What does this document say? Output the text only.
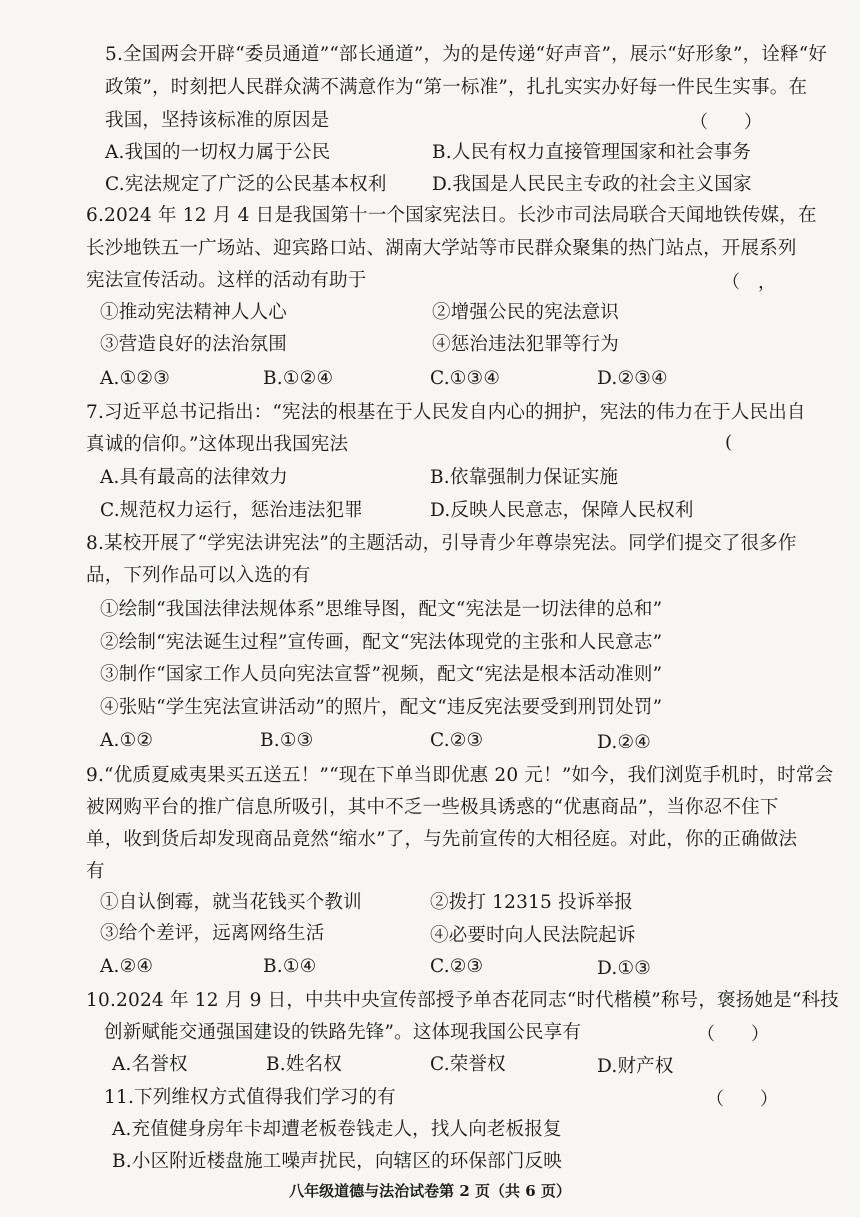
5.全国两会开辟“委员通道”“部长通道”，为的是传递“好声音”，展示“好形象”，诠释“好
政策”，时刻把人民群众满不满意作为“第一标准”，扎扎实实办好每一件民生实事。在
我国，坚持该标准的原因是	（　　）
A.我国的一切权力属于公民	B.人民有权力直接管理国家和社会事务
C.宪法规定了广泛的公民基本权利 D.我国是人民民主专政的社会主义国家
6.2024 年 12 月 4 日是我国第十一个国家宪法日。长沙市司法局联合天闻地铁传媒，在
长沙地铁五一广场站、迎宾路口站、湖南大学站等市民群众聚集的热门站点，开展系列
宪法宣传活动。这样的活动有助于	（　，
①推动宪法精神人人心	②增强公民的宪法意识
③营造良好的法治氛围	④惩治违法犯罪等行为
A.①②③	B.①②④	C.①③④	D.②③④
7.习近平总书记指出：“宪法的根基在于人民发自内心的拥护，宪法的伟力在于人民出自
真诚的信仰。”这体现出我国宪法	(
A.具有最高的法律效力	B.依靠强制力保证实施
C.规范权力运行，惩治违法犯罪	D.反映人民意志，保障人民权利
8.某校开展了“学宪法讲宪法”的主题活动，引导青少年尊崇宪法。同学们提交了很多作
品，下列作品可以入选的有
①绘制“我国法律法规体系”思维导图，配文“宪法是一切法律的总和”
②绘制“宪法诞生过程”宣传画，配文“宪法体现党的主张和人民意志”
③制作“国家工作人员向宪法宣誓”视频，配文“宪法是根本活动准则”
④张贴“学生宪法宣讲活动”的照片，配文“违反宪法要受到刑罚处罚”
A.①②	B.①③	C.②③	D.②④
9.“优质夏威夷果买五送五！”“现在下单当即优惠 20 元！”如今，我们浏览手机时，时常会
被网购平台的推广信息所吸引，其中不乏一些极具诱惑的“优惠商品”，当你忍不住下
单，收到货后却发现商品竟然“缩水”了，与先前宣传的大相径庭。对此，你的正确做法
有
①自认倒霉，就当花钱买个教训	②拨打 12315 投诉举报
③给个差评，远离网络生活	④必要时向人民法院起诉
A.②④	B.①④	C.②③	D.①③
10.2024 年 12 月 9 日，中共中央宣传部授予单杏花同志“时代楷模”称号，褒扬她是“科技
创新赋能交通强国建设的铁路先锋”。这体现我国公民享有	（　　）
A.名誉权	B.姓名权	C.荣誉权	D.财产权
11.下列维权方式值得我们学习的有	（　　）
A.充值健身房年卡却遭老板卷钱走人，找人向老板报复
B.小区附近楼盘施工噪声扰民，向辖区的环保部门反映
八年级道德与法治试卷第 2 页（共 6 页）
